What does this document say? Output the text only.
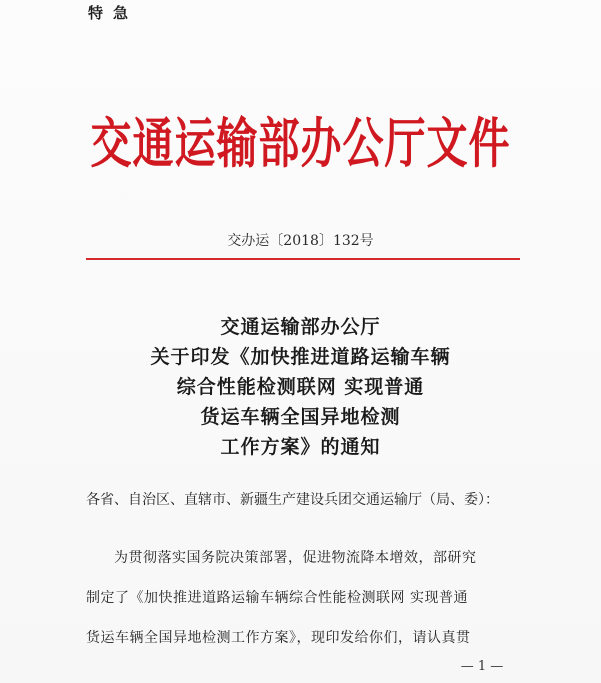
特急
交通运输部办公厅文件
交办运〔2018〕132号
交通运输部办公厅
关于印发《加快推进道路运输车辆
综合性能检测联网 实现普通
货运车辆全国异地检测
工作方案》的通知
各省、自治区、直辖市、新疆生产建设兵团交通运输厅（局、委）：
为贯彻落实国务院决策部署，促进物流降本增效，部研究
制定了《加快推进道路运输车辆综合性能检测联网 实现普通
货运车辆全国异地检测工作方案》，现印发给你们，请认真贯
— 1 —
